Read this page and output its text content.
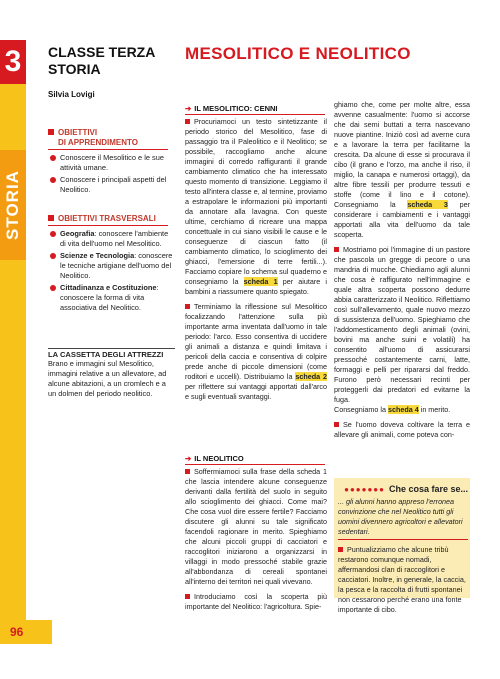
3
STORIA
96
CLASSE TERZA
STORIA
Silvia Lovigi
OBIETTIVI
DI APPRENDIMENTO
Conoscere il Mesolitico e le sue attività umane.
Conoscere i principali aspetti del Neolitico.
OBIETTIVI TRASVERSALI
Geografia: conoscere l'ambiente di vita dell'uomo nel Mesolitico.
Scienze e Tecnologia: conoscere le tecniche artigiane dell'uomo del Neolitico.
Cittadinanza e Costituzione: conoscere la forma di vita associativa del Neolitico.
LA CASSETTA DEGLI ATTREZZI
Brano e immagini sul Mesolitico, immagini relative a un allevatore, ad alcune abitazioni, a un cromlech e a un dolmen del periodo neolitico.
MESOLITICO E NEOLITICO
➔ IL MESOLITICO: CENNI

Procuriamoci un testo sintetizzante il periodo storico del Mesolitico, fase di passaggio tra il Paleolitico e il Neolitico; se possibile, raccogliamo anche alcune immagini di corredo raffiguranti il grande cambiamento climatico che ha interessato questo momento di transizione. Leggiamo il testo all'intera classe e, al termine, proviamo a estrapolare le informazioni più importanti da annotare alla lavagna. Con queste ultime, cerchiamo di ricreare una mappa concettuale in cui siano visibili le cause e le conseguenze di ciascun fatto (il cambiamento climatico, lo scioglimento dei ghiacci, l'emersione di terre fertili...). Facciamo copiare lo schema sul quaderno e consegniamo la scheda 1 per aiutare i bambini a riassumere quanto spiegato.

Terminiamo la riflessione sul Mesolitico focalizzando l'attenzione sulla più importante arma inventata dall'uomo in tale periodo: l'arco. Esso consentiva di uccidere gli animali a distanza e quindi limitava i pericoli della caccia e consentiva di colpire prede anche di piccole dimensioni (come roditori e uccelli). Distribuiamo la scheda 2 per riflettere sui vantaggi apportati dall'arco e sugli eventuali svantaggi.

➔ IL NEOLITICO

Soffermiamoci sulla frase della scheda 1 che lascia intendere alcune conseguenze derivanti dalla fertilità del suolo in seguito allo scioglimento dei ghiacci. Come mai? Che cosa vuol dire essere fertile? Facciamo discutere gli alunni su tale significato facendoli ragionare in merito. Spieghiamo che alcuni piccoli gruppi di cacciatori e raccoglitori iniziarono a organizzarsi in villaggi in modo pressoché stabile grazie all'abbondanza di cereali spontanei all'interno dei territori nei quali vivevano.

Introduciamo così la scoperta più importante del Neolitico: l'agricoltura. Spie-

ghiamo che, come per molte altre, essa avvenne casualmente: l'uomo si accorse che dai semi buttati a terra nascevano nuove piantine. Iniziò così ad averne cura e a lavorare la terra per facilitarne la crescita. Da alcune di esse si procurava il cibo (il grano e l'orzo, ma anche il riso, il miglio, la canapa e numerosi ortaggi), da altre fibre tessili per produrre tessuti e stoffe (come il lino e il cotone). Consegniamo la scheda 3 per considerare i cambiamenti e i vantaggi apportati alla vita dell'uomo da tale scoperta.

Mostriamo poi l'immagine di un pastore che pascola un gregge di pecore o una mandria di mucche. Chiediamo agli alunni che cosa è raffigurato nell'immagine e quale altra scoperta possono dedurre abbia caratterizzato il Neolitico. Riflettiamo così sull'allevamento, quale nuovo mezzo di sussistenza dell'uomo. Spieghiamo che l'addomesticamento degli animali (ovini, bovini ma anche suini e volatili) ha consentito all'uomo di assicurarsi pressoché costantemente carni, latte, formaggi e pelli per ripararsi dal freddo. Furono però necessari recinti per proteggerli dai predatori ed evitarne la fuga.
Consegniamo la scheda 4 in merito.

Se l'uomo doveva coltivare la terra e allevare gli animali, come poteva con-

●●●●●●● Che cosa fare se...
... gli alunni hanno appreso l'erronea convinzione che nel Neolitico tutti gli uomini divennero agricoltori e allevatori sedentari.
Puntualizziamo che alcune tribù restarono comunque nomadi, affermandosi clan di raccoglitori e cacciatori. Inoltre, in generale, la caccia, la pesca e la raccolta di frutti spontanei non cessarono perché erano una fonte importante di cibo.
